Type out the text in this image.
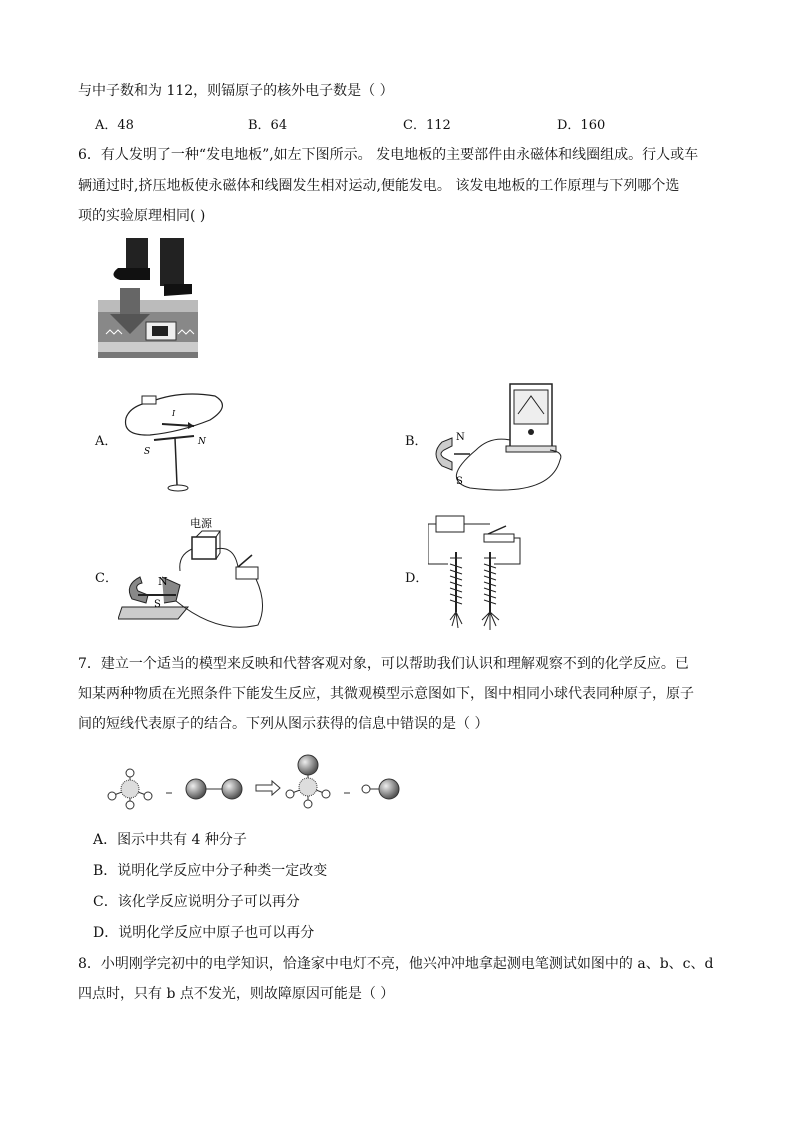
与中子数和为 112，则镉原子的核外电子数是（ ）
A．48	B．64	C．112	D．160
6．有人发明了一种“发电地板”,如左下图所示。 发电地板的主要部件由永磁体和线圈组成。行人或车
辆通过时,挤压地板使永磁体和线圈发生相对运动,便能发电。 该发电地板的工作原理与下列哪个选
项的实验原理相同( )
A．
I
S
N	B．	N
S
C．
电源
N
S
D．
7．建立一个适当的模型来反映和代替客观对象，可以帮助我们认识和理解观察不到的化学反应。已
知某两种物质在光照条件下能发生反应，其微观模型示意图如下，图中相同小球代表同种原子，原子
间的短线代表原子的结合。下列从图示获得的信息中错误的是（ ）
A．图示中共有 4 种分子
B．说明化学反应中分子种类一定改变
C．该化学反应说明分子可以再分
D．说明化学反应中原子也可以再分
8．小明刚学完初中的电学知识，恰逢家中电灯不亮，他兴冲冲地拿起测电笔测试如图中的 a、b、c、d
四点时，只有 b 点不发光，则故障原因可能是（ ）
